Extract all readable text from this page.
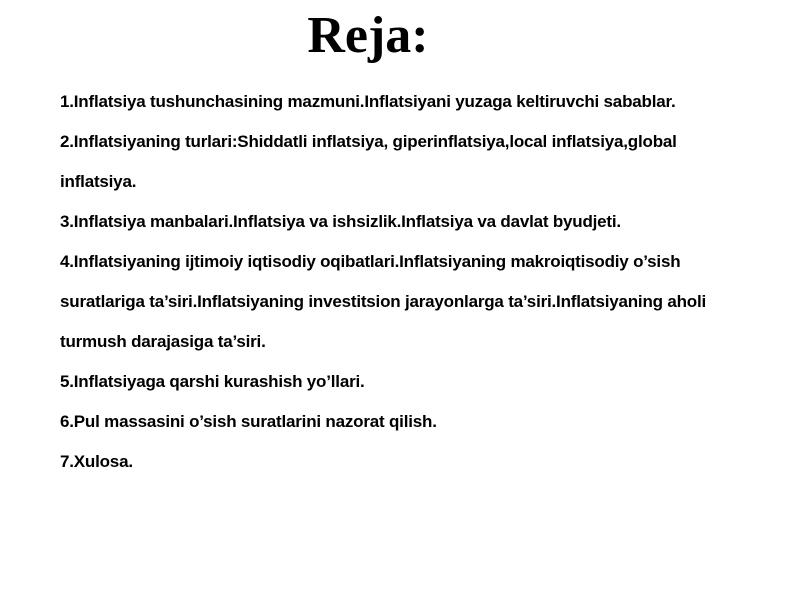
Reja:
1.Inflatsiya tushunchasining mazmuni.Inflatsiyani yuzaga keltiruvchi sabablar.
2.Inflatsiyaning turlari:Shiddatli inflatsiya, giperinflatsiya,local inflatsiya,global inflatsiya.
3.Inflatsiya manbalari.Inflatsiya va ishsizlik.Inflatsiya va davlat byudjeti.
4.Inflatsiyaning ijtimoiy iqtisodiy oqibatlari.Inflatsiyaning makroiqtisodiy o’sish suratlariga ta’siri.Inflatsiyaning investitsion jarayonlarga ta’siri.Inflatsiyaning aholi turmush darajasiga ta’siri.
5.Inflatsiyaga qarshi kurashish yo’llari.
6.Pul massasini o’sish suratlarini nazorat qilish.
7.Xulosa.
